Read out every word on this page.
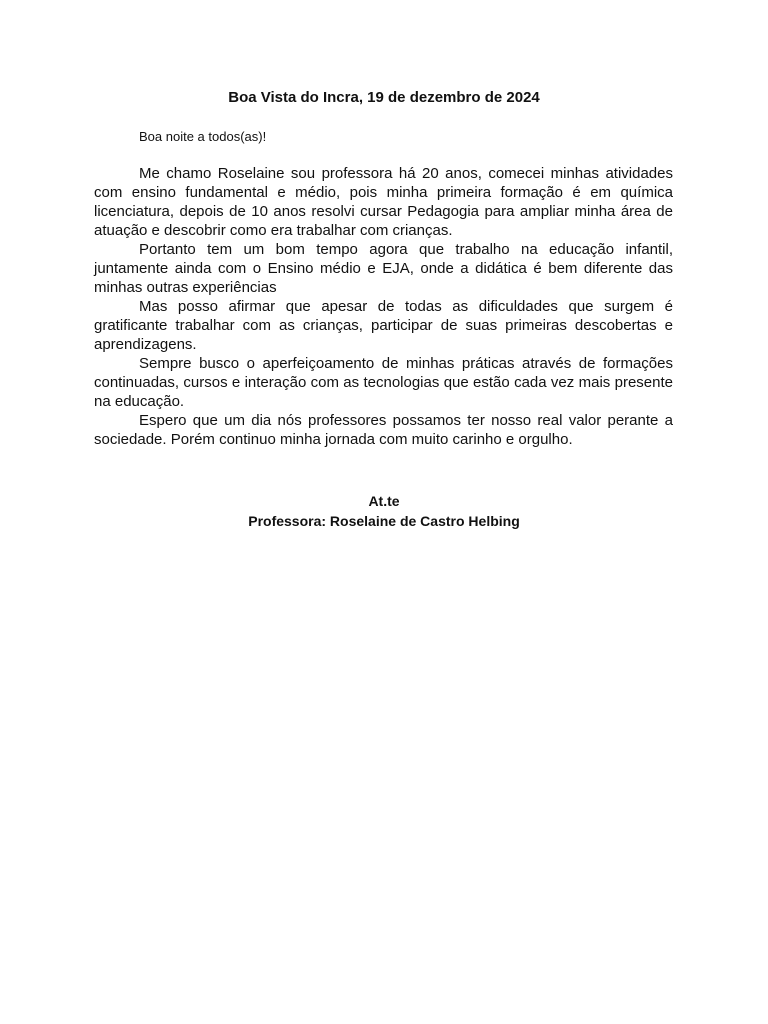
Boa Vista do Incra, 19 de dezembro de 2024

Boa noite a todos(as)!

Me chamo Roselaine sou professora há 20 anos, comecei minhas atividades com ensino fundamental e médio, pois minha primeira formação é em química licenciatura, depois de 10 anos resolvi cursar Pedagogia para ampliar minha área de atuação e descobrir como era trabalhar com crianças.

Portanto tem um bom tempo agora que trabalho na educação infantil, juntamente ainda com o Ensino médio e EJA, onde a didática é bem diferente das minhas outras experiências

Mas posso afirmar que apesar de todas as dificuldades que surgem é gratificante trabalhar com as crianças, participar de suas primeiras descobertas e aprendizagens.

Sempre busco o aperfeiçoamento de minhas práticas através de formações continuadas, cursos e interação com as tecnologias que estão cada vez mais presente na educação.

Espero que um dia nós professores possamos ter nosso real valor perante a sociedade. Porém continuo minha jornada com muito carinho e orgulho.

At.te
Professora: Roselaine de Castro Helbing
